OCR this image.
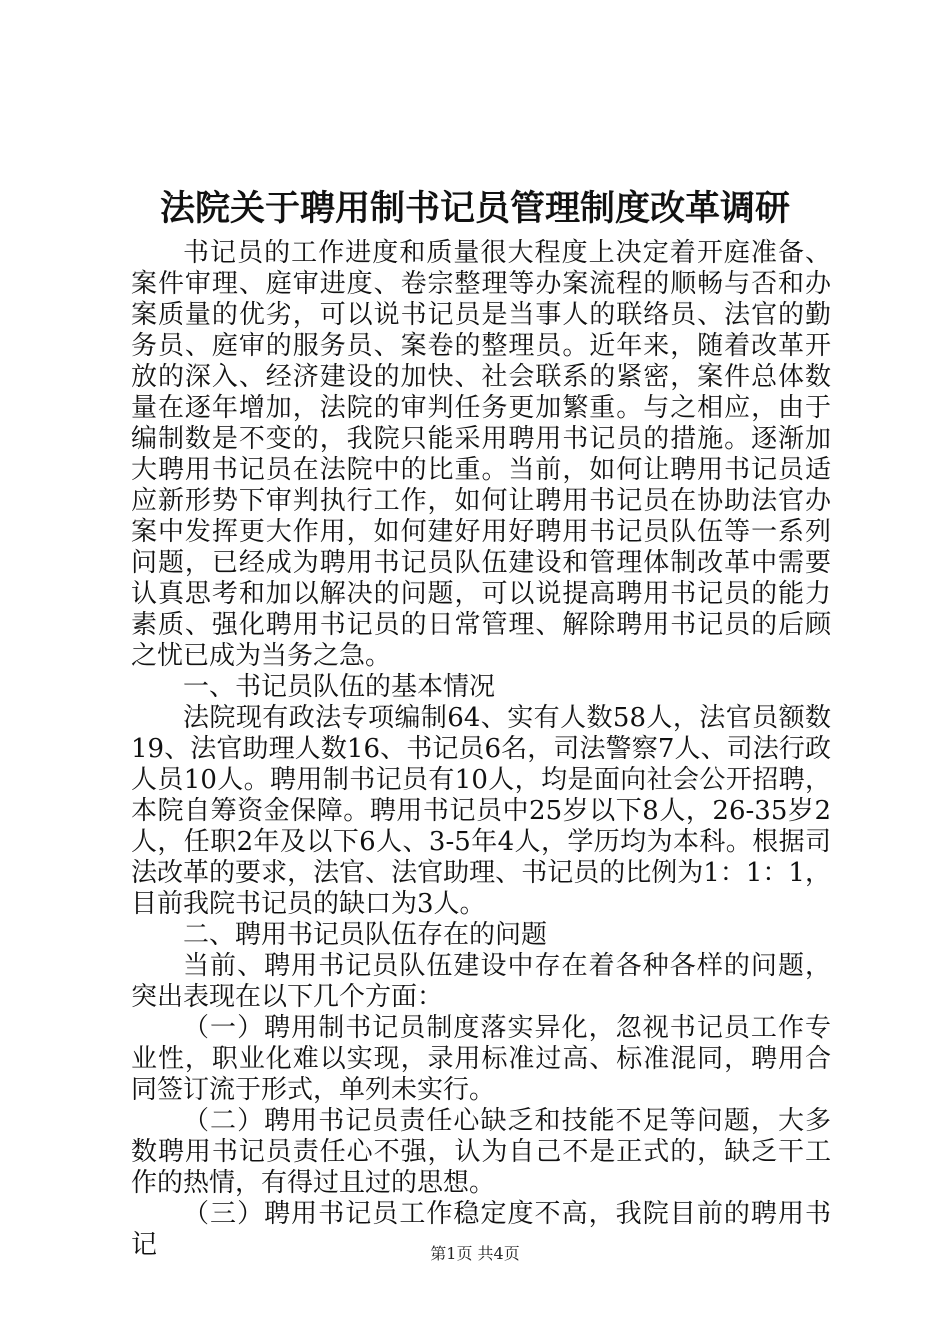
法院关于聘用制书记员管理制度改革调研

书记员的工作进度和质量很大程度上决定着开庭准备、案件审理、庭审进度、卷宗整理等办案流程的顺畅与否和办案质量的优劣，可以说书记员是当事人的联络员、法官的勤务员、庭审的服务员、案卷的整理员。近年来，随着改革开放的深入、经济建设的加快、社会联系的紧密，案件总体数量在逐年增加，法院的审判任务更加繁重。与之相应，由于编制数是不变的，我院只能采用聘用书记员的措施。逐渐加大聘用书记员在法院中的比重。当前，如何让聘用书记员适应新形势下审判执行工作，如何让聘用书记员在协助法官办案中发挥更大作用，如何建好用好聘用书记员队伍等一系列问题，已经成为聘用书记员队伍建设和管理体制改革中需要认真思考和加以解决的问题，可以说提高聘用书记员的能力素质、强化聘用书记员的日常管理、解除聘用书记员的后顾之忧已成为当务之急。

一、书记员队伍的基本情况

法院现有政法专项编制64、实有人数58人，法官员额数19、法官助理人数16、书记员6名，司法警察7人、司法行政人员10人。聘用制书记员有10人，均是面向社会公开招聘，本院自筹资金保障。聘用书记员中25岁以下8人，26-35岁2人，任职2年及以下6人、3-5年4人，学历均为本科。根据司法改革的要求，法官、法官助理、书记员的比例为1：1：1，目前我院书记员的缺口为3人。

二、聘用书记员队伍存在的问题

当前、聘用书记员队伍建设中存在着各种各样的问题，突出表现在以下几个方面：

（一）聘用制书记员制度落实异化，忽视书记员工作专业性，职业化难以实现，录用标准过高、标准混同，聘用合同签订流于形式，单列未实行。

（二）聘用书记员责任心缺乏和技能不足等问题，大多数聘用书记员责任心不强，认为自己不是正式的，缺乏干工作的热情，有得过且过的思想。

（三）聘用书记员工作稳定度不高，我院目前的聘用书记	第1页 共4页
